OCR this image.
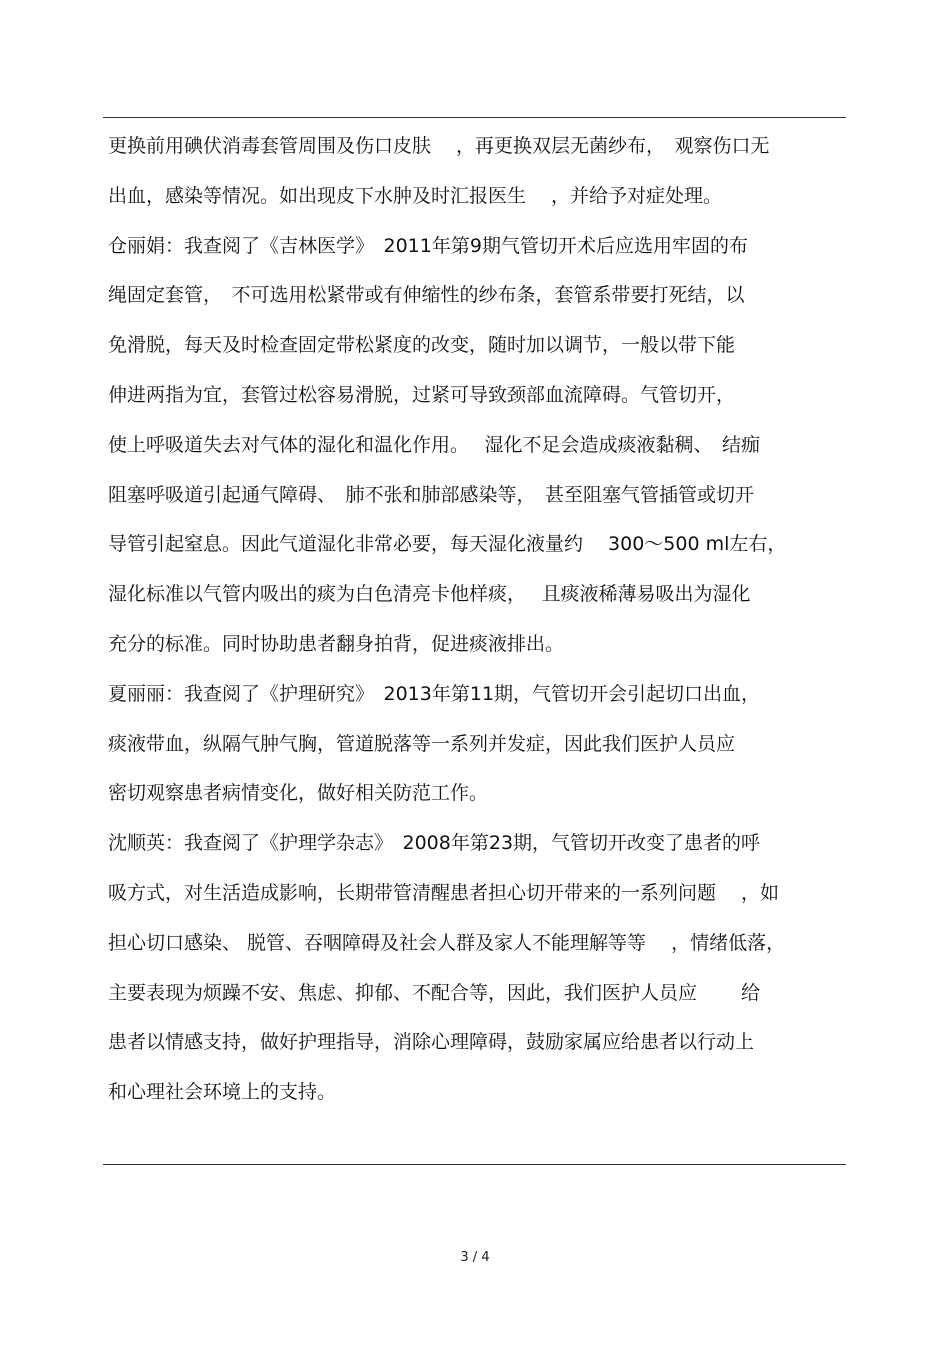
更换前用碘伏消毒套管周围及伤口皮肤　 ，再更换双层无菌纱布，　观察伤口无
出血，感染等情况。如出现皮下水肿及时汇报医生　 ，并给予对症处理。
仓丽娟：我查阅了《吉林医学》　2011年第9期气管切开术后应选用牢固的布
绳固定套管，　不可选用松紧带或有伸缩性的纱布条，套管系带要打死结，以
免滑脱，每天及时检查固定带松紧度的改变，随时加以调节，一般以带下能
伸进两指为宜，套管过松容易滑脱，过紧可导致颈部血流障碍。气管切开，
使上呼吸道失去对气体的湿化和温化作用。　 湿化不足会造成痰液黏稠、　结痂
阻塞呼吸道引起通气障碍、　肺不张和肺部感染等，　甚至阻塞气管插管或切开
导管引起窒息。因此气道湿化非常必要，每天湿化液量约　 300～500 ml左右，
湿化标准以气管内吸出的痰为白色清亮卡他样痰，　 且痰液稀薄易吸出为湿化
充分的标准。同时协助患者翻身拍背，促进痰液排出。
夏丽丽：我查阅了《护理研究》　2013年第11期，气管切开会引起切口出血，
痰液带血，纵隔气肿气胸，管道脱落等一系列并发症，因此我们医护人员应
密切观察患者病情变化，做好相关防范工作。
沈顺英：我查阅了《护理学杂志》　2008年第23期，气管切开改变了患者的呼
吸方式，对生活造成影响，长期带管清醒患者担心切开带来的一系列问题　 ，如
担心切口感染、 脱管、吞咽障碍及社会人群及家人不能理解等等　 ，情绪低落，
主要表现为烦躁不安、焦虑、抑郁、不配合等，因此，我们医护人员应　　 给
患者以情感支持，做好护理指导，消除心理障碍，鼓励家属应给患者以行动上
和心理社会环境上的支持。
3 / 4
